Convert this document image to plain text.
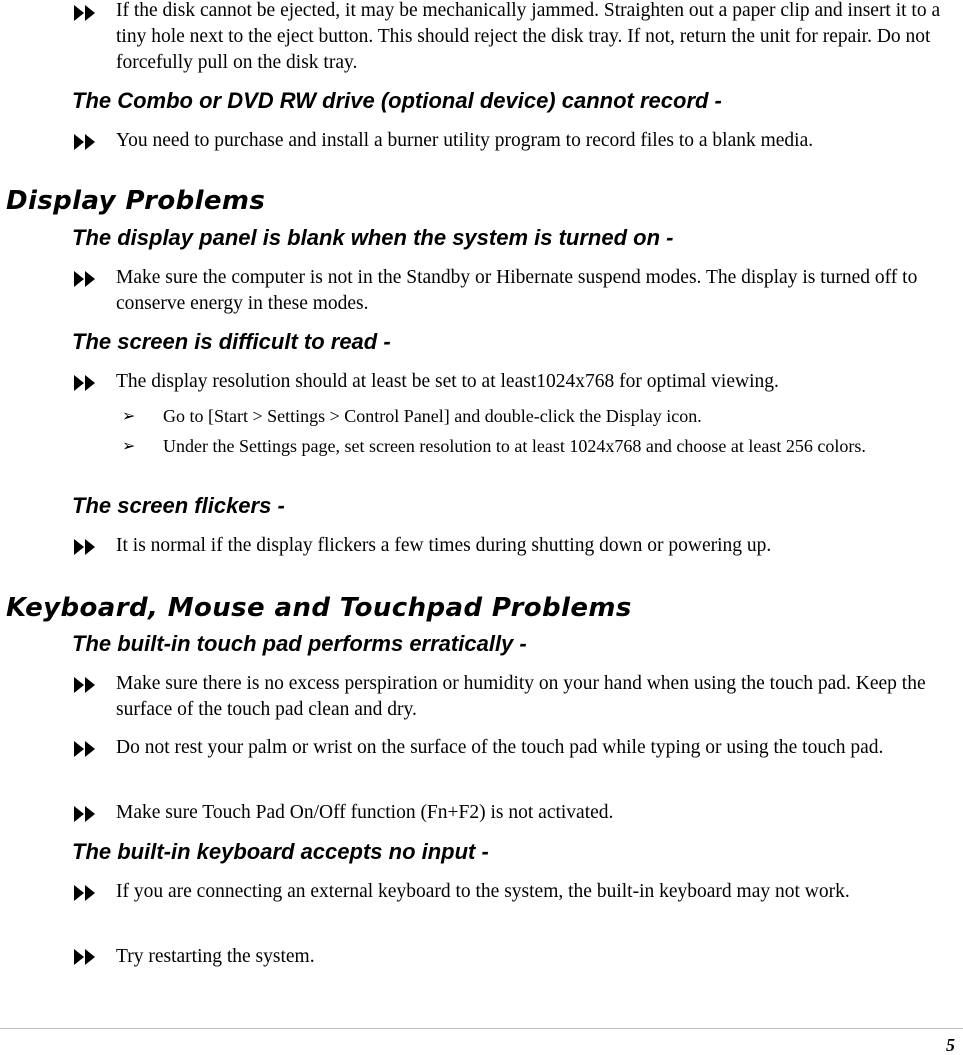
If the disk cannot be ejected, it may be mechanically jammed. Straighten out a paper clip and insert it to a tiny hole next to the eject button. This should reject the disk tray. If not, return the unit for repair. Do not forcefully pull on the disk tray.
The Combo or DVD RW drive (optional device) cannot record -
You need to purchase and install a burner utility program to record files to a blank media.
Display Problems
The display panel is blank when the system is turned on -
Make sure the computer is not in the Standby or Hibernate suspend modes. The display is turned off to conserve energy in these modes.
The screen is difficult to read -
The display resolution should at least be set to at least1024x768 for optimal viewing.
➢ Go to [Start > Settings > Control Panel] and double-click the Display icon.
➢ Under the Settings page, set screen resolution to at least 1024x768 and choose at least 256 colors.
The screen flickers -
It is normal if the display flickers a few times during shutting down or powering up.
Keyboard, Mouse and Touchpad Problems
The built-in touch pad performs erratically -
Make sure there is no excess perspiration or humidity on your hand when using the touch pad. Keep the surface of the touch pad clean and dry.
Do not rest your palm or wrist on the surface of the touch pad while typing or using the touch pad.
Make sure Touch Pad On/Off function (Fn+F2) is not activated.
The built-in keyboard accepts no input -
If you are connecting an external keyboard to the system, the built-in keyboard may not work.
Try restarting the system.
5
